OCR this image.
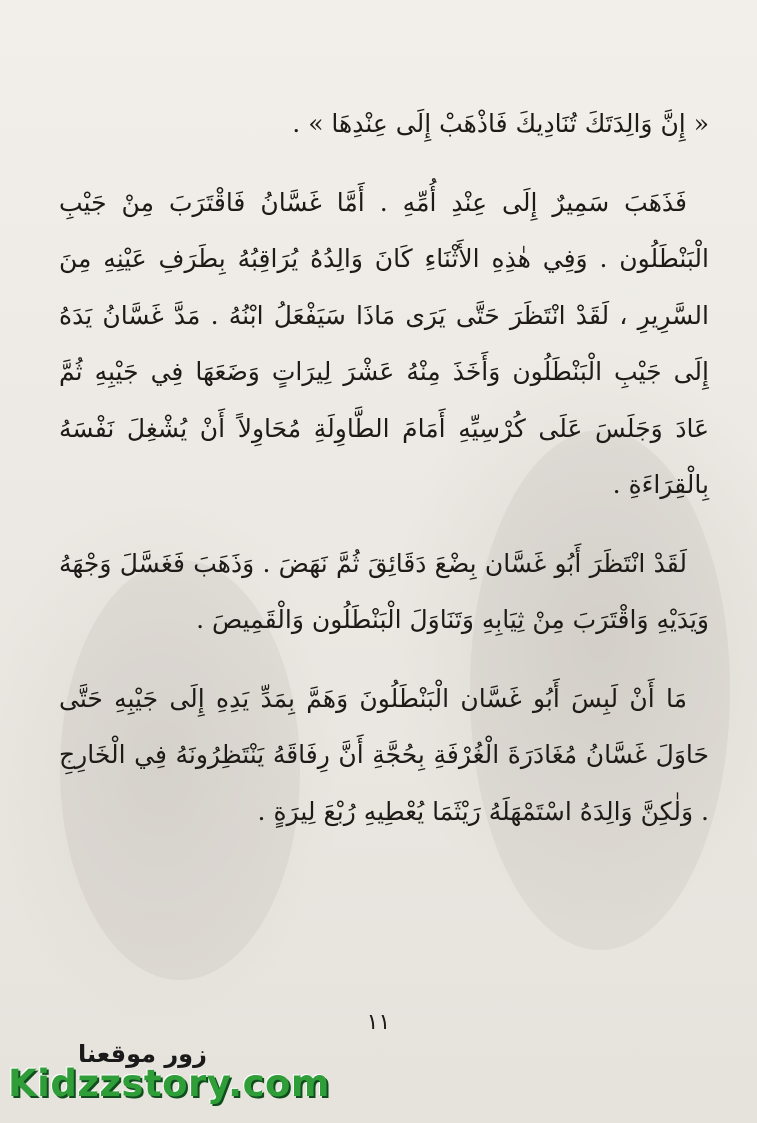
« إِنَّ وَالِدَتَكَ تُنَادِيكَ فَاذْهَبْ إِلَى عِنْدِهَا » .

فَذَهَبَ سَمِيرٌ إِلَى عِنْدِ أُمِّهِ . أَمَّا غَسَّانُ فَاقْتَرَبَ مِنْ جَيْبِ الْبَنْطَلُون . وَفِي هٰذِهِ الأَثْنَاءِ كَانَ وَالِدُهُ يُرَاقِبُهُ بِطَرَفِ عَيْنِهِ مِنَ السَّرِيرِ ، لَقَدْ انْتَظَرَ حَتَّى يَرَى مَاذَا سَيَفْعَلُ ابْنُهُ . مَدَّ غَسَّانُ يَدَهُ إِلَى جَيْبِ الْبَنْطَلُون وَأَخَذَ مِنْهُ عَشْرَ لِيرَاتٍ وَضَعَهَا فِي جَيْبِهِ ثُمَّ عَادَ وَجَلَسَ عَلَى كُرْسِيِّهِ أَمَامَ الطَّاوِلَةِ مُحَاوِلاً أَنْ يُشْغِلَ نَفْسَهُ بِالْقِرَاءَةِ .

لَقَدْ انْتَظَرَ أَبُو غَسَّان بِضْعَ دَقَائِقَ ثُمَّ نَهَضَ . وَذَهَبَ فَغَسَّلَ وَجْهَهُ وَيَدَيْهِ وَاقْتَرَبَ مِنْ ثِيَابِهِ وَتَنَاوَلَ الْبَنْطَلُون وَالْقَمِيصَ .

مَا أَنْ لَبِسَ أَبُو غَسَّان الْبَنْطَلُونَ وَهَمَّ بِمَدِّ يَدِهِ إِلَى جَيْبِهِ حَتَّى حَاوَلَ غَسَّانُ مُغَادَرَةَ الْغُرْفَةِ بِحُجَّةِ أَنَّ رِفَاقَهُ يَنْتَظِرُونَهُ فِي الْخَارِجِ . وَلٰكِنَّ وَالِدَهُ اسْتَمْهَلَهُ رَيْثَمَا يُعْطِيهِ رُبْعَ لِيرَةٍ .

١١
زور موقعنا
Kidzzstory.com
